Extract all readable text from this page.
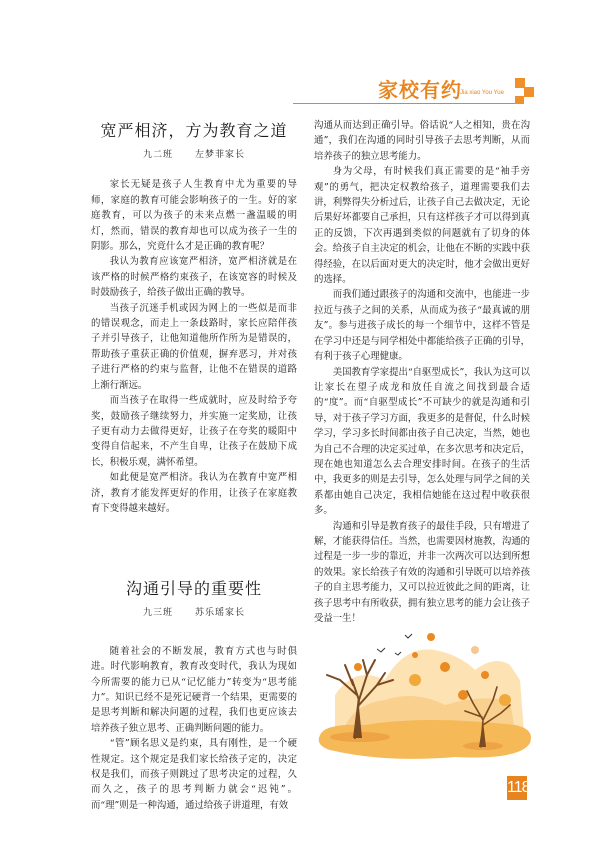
家校有约
Jia xiao You Yue
宽严相济，方为教育之道
九二班 左梦菲家长

家长无疑是孩子人生教育中尤为重要的导师，家庭的教育可能会影响孩子的一生。好的家庭教育，可以为孩子的未来点燃一盏温暖的明灯，然而，错误的教育却也可以成为孩子一生的阴影。那么，究竟什么才是正确的教育呢？

我认为教育应该宽严相济，宽严相济就是在该严格的时候严格约束孩子，在该宽容的时候及时鼓励孩子，给孩子做出正确的教导。

当孩子沉迷手机或因为网上的一些似是而非的错误观念，而走上一条歧路时，家长应陪伴孩子并引导孩子，让他知道他所作所为是错误的，帮助孩子重获正确的价值观，摒弃恶习，并对孩子进行严格的约束与监督，让他不在错误的道路上渐行渐远。

而当孩子在取得一些成就时，应及时给予夸奖，鼓励孩子继续努力，并实施一定奖励，让孩子更有动力去做得更好，让孩子在夸奖的暖阳中变得自信起来，不产生自卑，让孩子在鼓励下成长，积极乐观，满怀希望。

如此便是宽严相济。我认为在教育中宽严相济，教育才能发挥更好的作用，让孩子在家庭教育下变得越来越好。

沟通引导的重要性
九三班 苏乐瑶家长

随着社会的不断发展，教育方式也与时俱进。时代影响教育，教育改变时代，我认为现如今所需要的能力已从“记忆能力”转变为“思考能力”。知识已经不是死记硬背一个结果，更需要的是思考判断和解决问题的过程，我们也更应该去培养孩子独立思考、正确判断问题的能力。

“管”顾名思义是约束，具有刚性，是一个硬性规定。这个规定是我们家长给孩子定的，决定权是我们，而孩子则跳过了思考决定的过程，久而久之，孩子的思考判断力就会“迟钝”。而“理”则是一种沟通，通过给孩子讲道理，有效

沟通从而达到正确引导。俗话说“人之相知，贵在沟通”，我们在沟通的同时引导孩子去思考判断，从而培养孩子的独立思考能力。

身为父母，有时候我们真正需要的是“袖手旁观”的勇气，把决定权教给孩子，道理需要我们去讲，利弊得失分析过后，让孩子自己去做决定，无论后果好坏都要自己承担，只有这样孩子才可以得到真正的反馈，下次再遇到类似的问题就有了切身的体会。给孩子自主决定的机会，让他在不断的实践中获得经验，在以后面对更大的决定时，他才会做出更好的选择。

而我们通过跟孩子的沟通和交流中，也能进一步拉近与孩子之间的关系，从而成为孩子“最真诚的朋友”。参与进孩子成长的每一个细节中，这样不管是在学习中还是与同学相处中都能给孩子正确的引导，有利于孩子心理健康。

美国教育学家提出“自驱型成长”，我认为这可以让家长在望子成龙和放任自流之间找到最合适的“度”。而“自驱型成长”不可缺少的就是沟通和引导，对于孩子学习方面，我更多的是督促，什么时候学习，学习多长时间都由孩子自己决定，当然，她也为自己不合理的决定买过单，在多次思考和决定后，现在她也知道怎么去合理安排时间。在孩子的生活中，我更多的则是去引导，怎么处理与同学之间的关系都由她自己决定，我相信她能在这过程中收获很多。

沟通和引导是教育孩子的最佳手段，只有增进了解，才能获得信任。当然，也需要因材施教，沟通的过程是一步一步的靠近，并非一次两次可以达到所想的效果。家长给孩子有效的沟通和引导既可以培养孩子的自主思考能力，又可以拉近彼此之间的距离，让孩子思考中有所收获，拥有独立思考的能力会让孩子受益一生！

118
